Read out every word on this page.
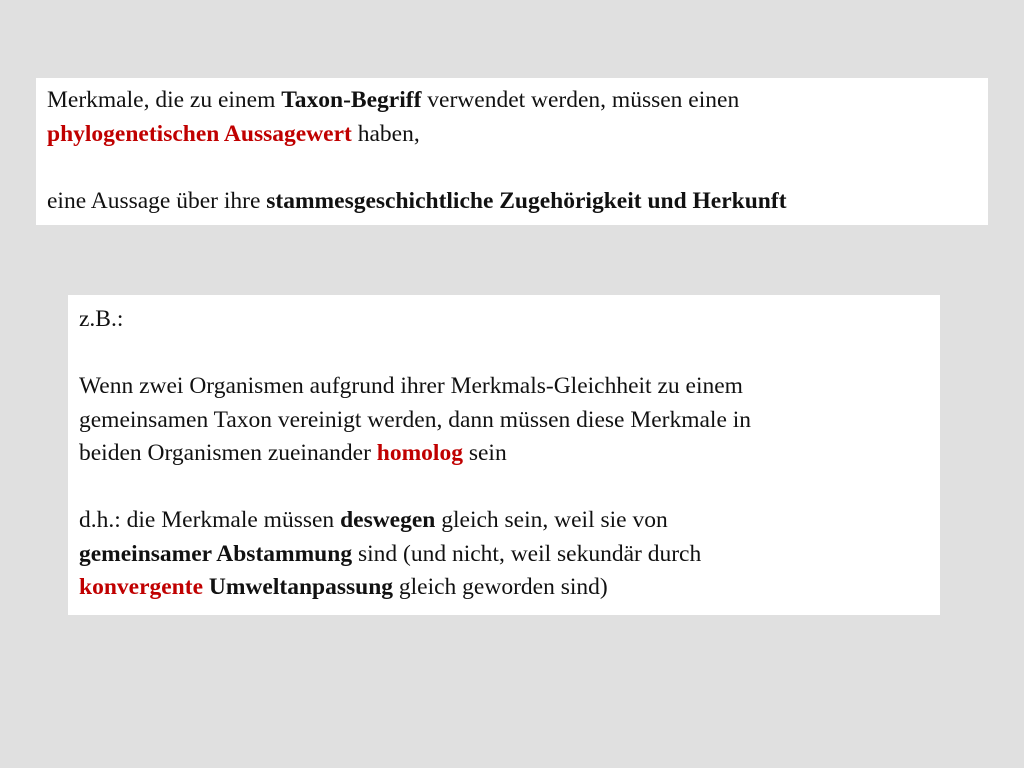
Merkmale, die zu einem Taxon-Begriff verwendet werden, müssen einen
phylogenetischen Aussagewert haben,
eine Aussage über ihre stammesgeschichtliche Zugehörigkeit und Herkunft
z.B.:
Wenn zwei Organismen aufgrund ihrer Merkmals-Gleichheit zu einem
gemeinsamen Taxon vereinigt werden, dann müssen diese Merkmale in
beiden Organismen zueinander homolog sein
d.h.: die Merkmale müssen deswegen gleich sein, weil sie von
gemeinsamer Abstammung sind (und nicht, weil sekundär durch
konvergente Umweltanpassung gleich geworden sind)
